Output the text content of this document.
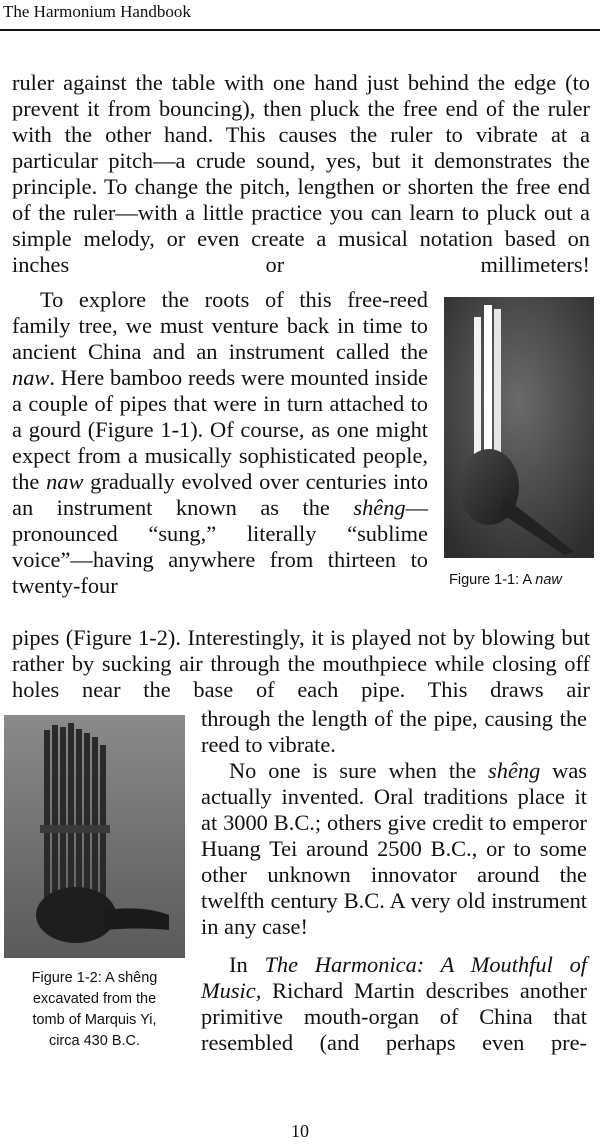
The Harmonium Handbook

ruler against the table with one hand just behind the edge (to prevent it from bouncing), then pluck the free end of the ruler with the other hand. This causes the ruler to vibrate at a particular pitch—a crude sound, yes, but it demonstrates the principle. To change the pitch, lengthen or shorten the free end of the ruler—with a little practice you can learn to pluck out a simple melody, or even create a musical notation based on inches or millimeters!

To explore the roots of this free-reed family tree, we must venture back in time to ancient China and an instrument called the naw. Here bamboo reeds were mounted inside a couple of pipes that were in turn attached to a gourd (Figure 1-1). Of course, as one might expect from a musically sophisticated people, the naw gradually evolved over centuries into an instrument known as the shêng—pronounced “sung,” literally “sublime voice”—having anywhere from thirteen to twenty-four	Figure 1-1: A naw

pipes (Figure 1-2). Interestingly, it is played not by blowing but rather by sucking air through the mouthpiece while closing off holes near the base of each pipe. This draws air

through the length of the pipe, causing the reed to vibrate.

No one is sure when the shêng was actually invented. Oral traditions place it at 3000 B.C.; others give credit to emperor Huang Tei around 2500 B.C., or to some other unknown innovator around the twelfth century B.C. A very old instrument in any case!

In The Harmonica: A Mouthful of Music, Richard Martin describes another primitive mouth-organ of China that resembled (and perhaps even pre-

Figure 1-2: A shêng
excavated from the
tomb of Marquis Yi,
circa 430 B.C.
10
